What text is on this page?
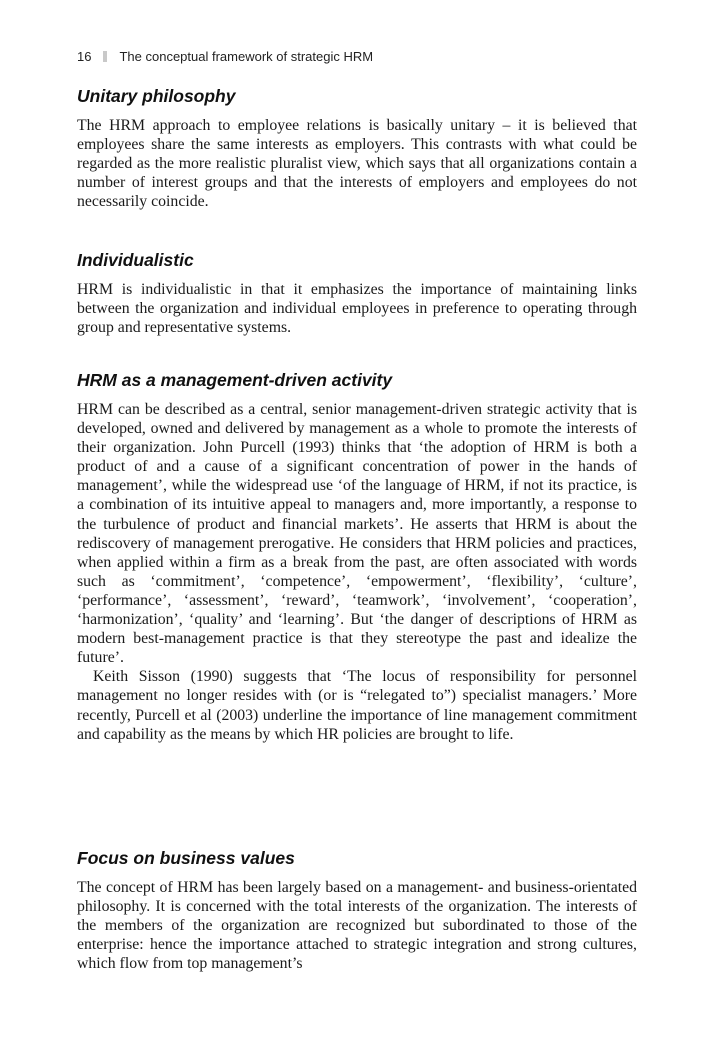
16 The conceptual framework of strategic HRM
Unitary philosophy

The HRM approach to employee relations is basically unitary – it is believed that employees share the same interests as employers. This contrasts with what could be regarded as the more realistic pluralist view, which says that all organizations contain a number of interest groups and that the interests of employers and employees do not necessarily coincide.

Individualistic

HRM is individualistic in that it emphasizes the importance of maintaining links between the organization and individual employees in preference to operating through group and representative systems.

HRM as a management-driven activity

HRM can be described as a central, senior management-driven strategic activity that is developed, owned and delivered by management as a whole to promote the interests of their organization. John Purcell (1993) thinks that ‘the adoption of HRM is both a product of and a cause of a significant concentration of power in the hands of management’, while the widespread use ‘of the language of HRM, if not its practice, is a combination of its intuitive appeal to managers and, more importantly, a response to the turbulence of product and financial markets’. He asserts that HRM is about the rediscovery of management prerogative. He considers that HRM policies and practices, when applied within a firm as a break from the past, are often associated with words such as ‘commitment’, ‘competence’, ‘empowerment’, ‘flexibility’, ‘culture’, ‘performance’, ‘assessment’, ‘reward’, ‘teamwork’, ‘involvement’, ‘cooperation’, ‘harmonization’, ‘quality’ and ‘learning’. But ‘the danger of descriptions of HRM as modern best-management practice is that they stereotype the past and idealize the future’.

Keith Sisson (1990) suggests that ‘The locus of responsibility for personnel management no longer resides with (or is “relegated to”) specialist managers.’ More recently, Purcell et al (2003) underline the importance of line management commitment and capability as the means by which HR policies are brought to life.

Focus on business values

The concept of HRM has been largely based on a management- and business-orientated philosophy. It is concerned with the total interests of the organization. The interests of the members of the organization are recognized but subordinated to those of the enterprise: hence the importance attached to strategic integration and strong cultures, which flow from top management’s
